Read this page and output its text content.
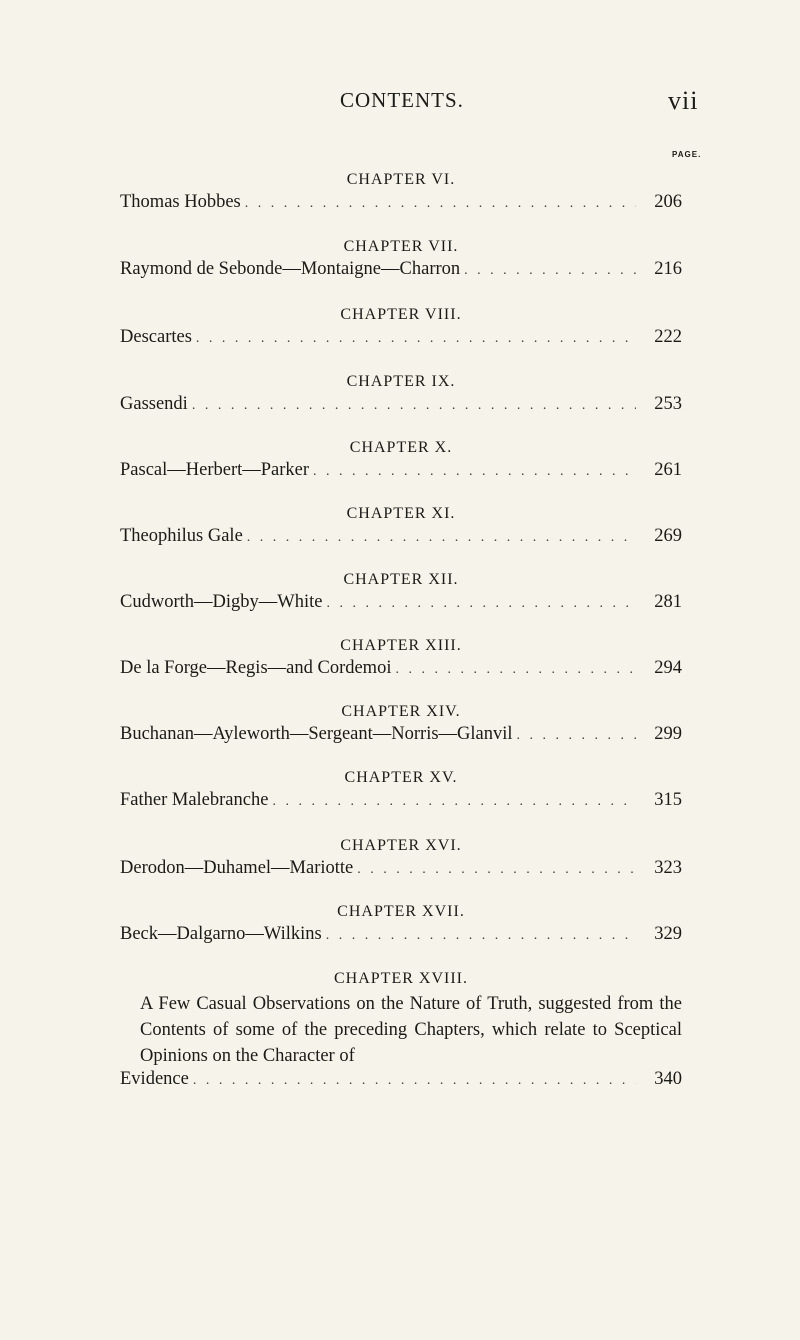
CONTENTS.	vii
PAGE.
CHAPTER VI.
Thomas Hobbes . . .	206
CHAPTER VII.
Raymond de Sebonde—Montaigne—Charron . . .	216
CHAPTER VIII.
Descartes . . .	222
CHAPTER IX.
Gassendi . . .	253
CHAPTER X.
Pascal—Herbert—Parker . . .	261
CHAPTER XI.
Theophilus Gale . . .	269
CHAPTER XII.
Cudworth—Digby—White . . .	281
CHAPTER XIII.
De la Forge—Regis—and Cordemoi . . .	294
CHAPTER XIV.
Buchanan—Ayleworth—Sergeant—Norris—Glanvil . . .	299
CHAPTER XV.
Father Malebranche . . .	315
CHAPTER XVI.
Derodon—Duhamel—Mariotte . . .	323
CHAPTER XVII.
Beck—Dalgarno—Wilkins . . .	329
CHAPTER XVIII.
A Few Casual Observations on the Nature of Truth, suggested from the Contents of some of the preceding Chapters, which relate to Sceptical Opinions on the Character of
Evidence . . .	340
